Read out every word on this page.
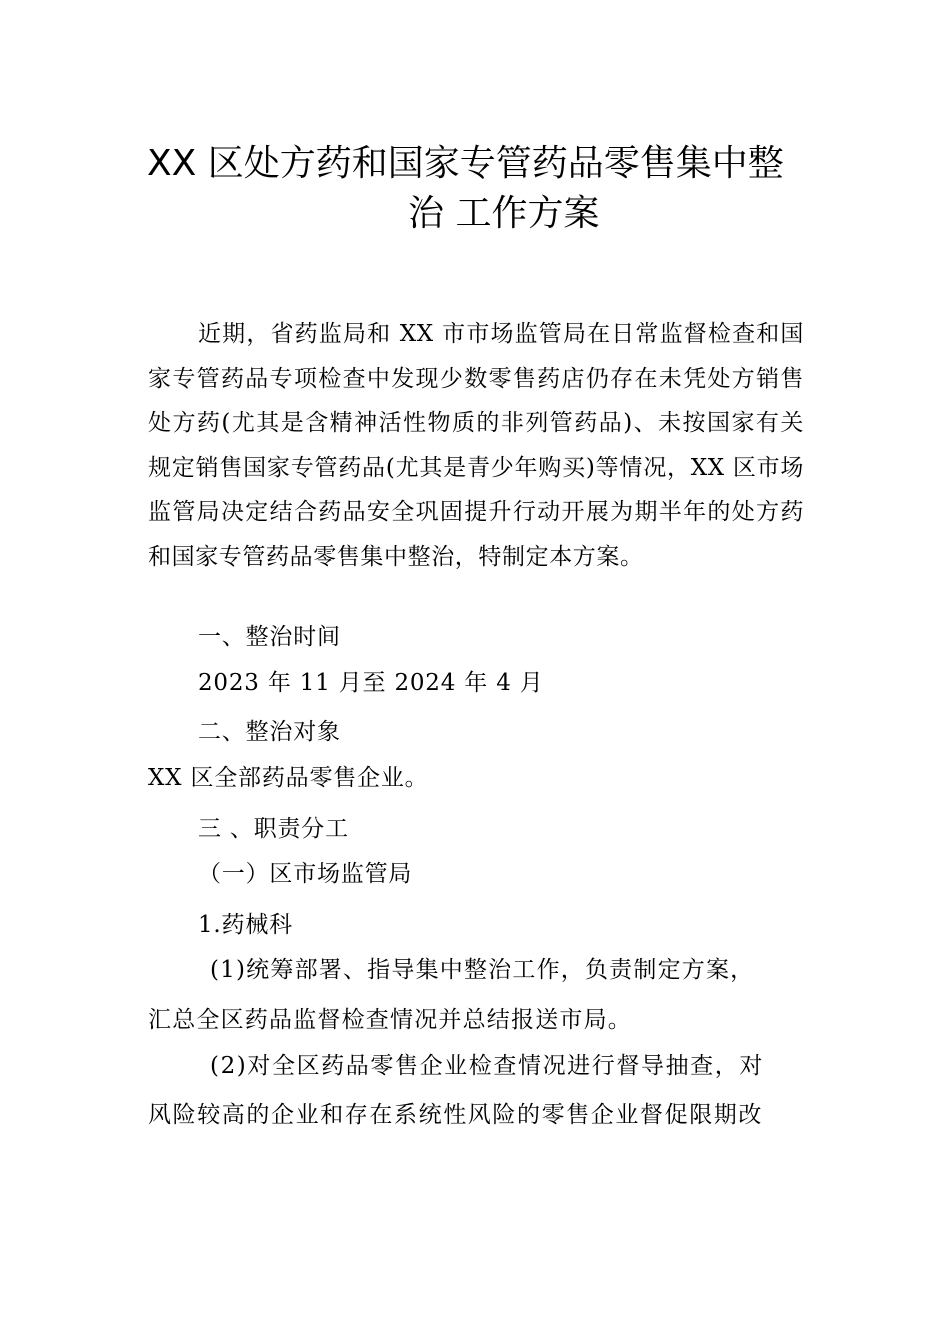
XX 区处方药和国家专管药品零售集中整
治 工作方案
近期，省药监局和 XX 市市场监管局在日常监督检查和国家专管药品专项检查中发现少数零售药店仍存在未凭处方销售处方药(尤其是含精神活性物质的非列管药品)、未按国家有关规定销售国家专管药品(尤其是青少年购买)等情况，XX 区市场监管局决定结合药品安全巩固提升行动开展为期半年的处方药和国家专管药品零售集中整治，特制定本方案。
一、整治时间
2023 年 11 月至 2024 年 4 月
二、整治对象
XX 区全部药品零售企业。
三 、职责分工
（一）区市场监管局
1.药械科
(1)统筹部署、指导集中整治工作，负责制定方案，
汇总全区药品监督检查情况并总结报送市局。
(2)对全区药品零售企业检查情况进行督导抽查，对
风险较高的企业和存在系统性风险的零售企业督促限期改
